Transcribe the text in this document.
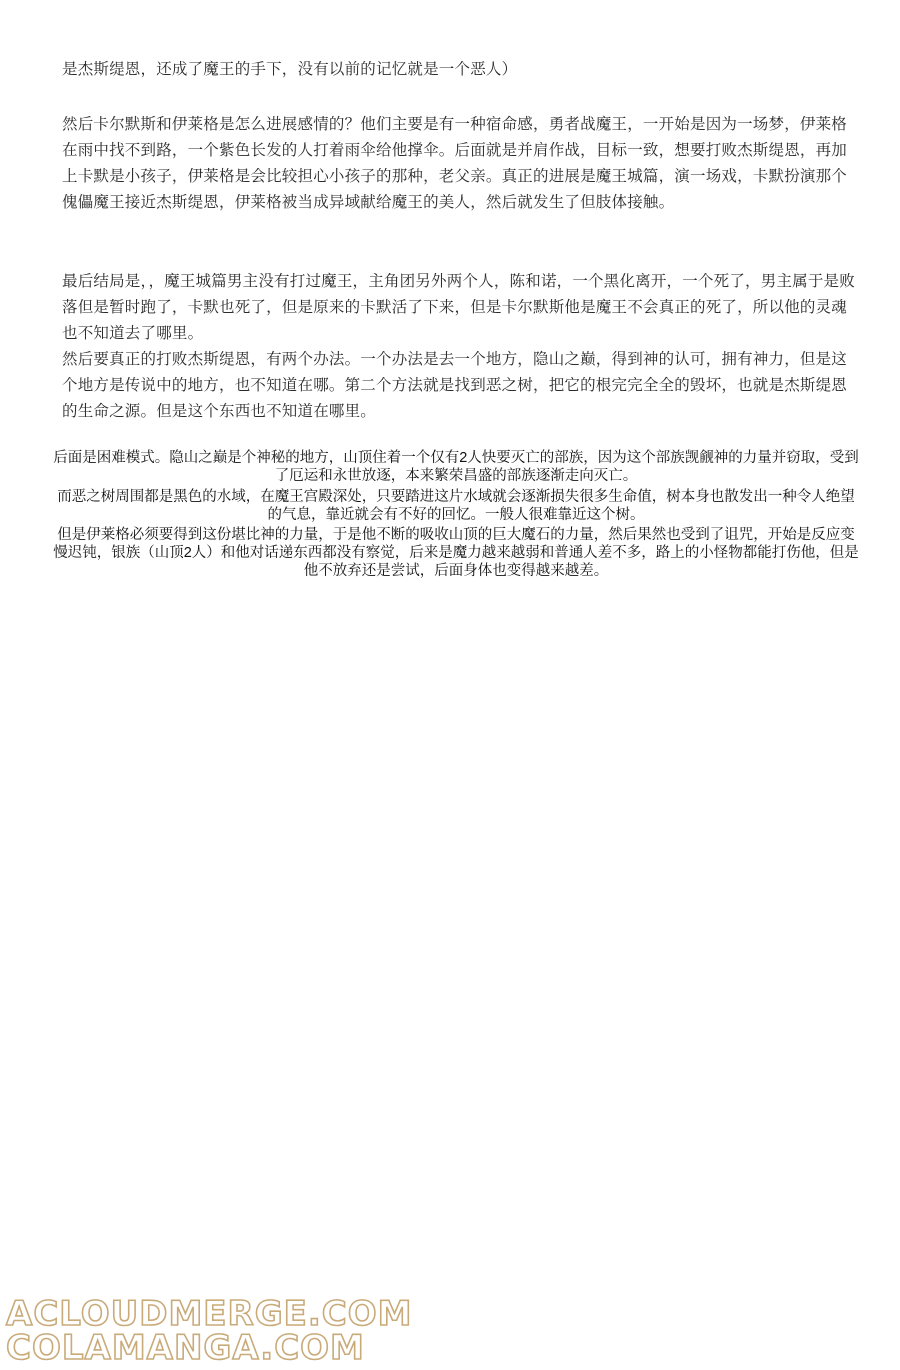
是杰斯缇恩，还成了魔王的手下，没有以前的记忆就是一个恶人）

然后卡尔默斯和伊莱格是怎么进展感情的？他们主要是有一种宿命感，勇者战魔王，一开始是因为一场梦，伊莱格在雨中找不到路，一个紫色长发的人打着雨伞给他撑伞。后面就是并肩作战，目标一致，想要打败杰斯缇恩，再加上卡默是小孩子，伊莱格是会比较担心小孩子的那种，老父亲。真正的进展是魔王城篇，演一场戏，卡默扮演那个傀儡魔王接近杰斯缇恩，伊莱格被当成异域献给魔王的美人，然后就发生了但肢体接触。

最后结局是，，魔王城篇男主没有打过魔王，主角团另外两个人，陈和诺，一个黑化离开，一个死了，男主属于是败落但是暂时跑了，卡默也死了，但是原来的卡默活了下来，但是卡尔默斯他是魔王不会真正的死了，所以他的灵魂也不知道去了哪里。

然后要真正的打败杰斯缇恩，有两个办法。一个办法是去一个地方，隐山之巅，得到神的认可，拥有神力，但是这个地方是传说中的地方，也不知道在哪。第二个方法就是找到恶之树，把它的根完完全全的毁坏，也就是杰斯缇恩的生命之源。但是这个东西也不知道在哪里。

后面是困难模式。隐山之巅是个神秘的地方，山顶住着一个仅有2人快要灭亡的部族，因为这个部族觊觎神的力量并窃取，受到了厄运和永世放逐，本来繁荣昌盛的部族逐渐走向灭亡。

而恶之树周围都是黑色的水域，在魔王宫殿深处，只要踏进这片水域就会逐渐损失很多生命值，树本身也散发出一种令人绝望的气息，靠近就会有不好的回忆。一般人很难靠近这个树。

但是伊莱格必须要得到这份堪比神的力量，于是他不断的吸收山顶的巨大魔石的力量，然后果然也受到了诅咒，开始是反应变慢迟钝，银族（山顶2人）和他对话递东西都没有察觉，后来是魔力越来越弱和普通人差不多，路上的小怪物都能打伤他，但是他不放弃还是尝试，后面身体也变得越来越差。

ACLOUDMERGE.COM
COLAMANGA.COM
